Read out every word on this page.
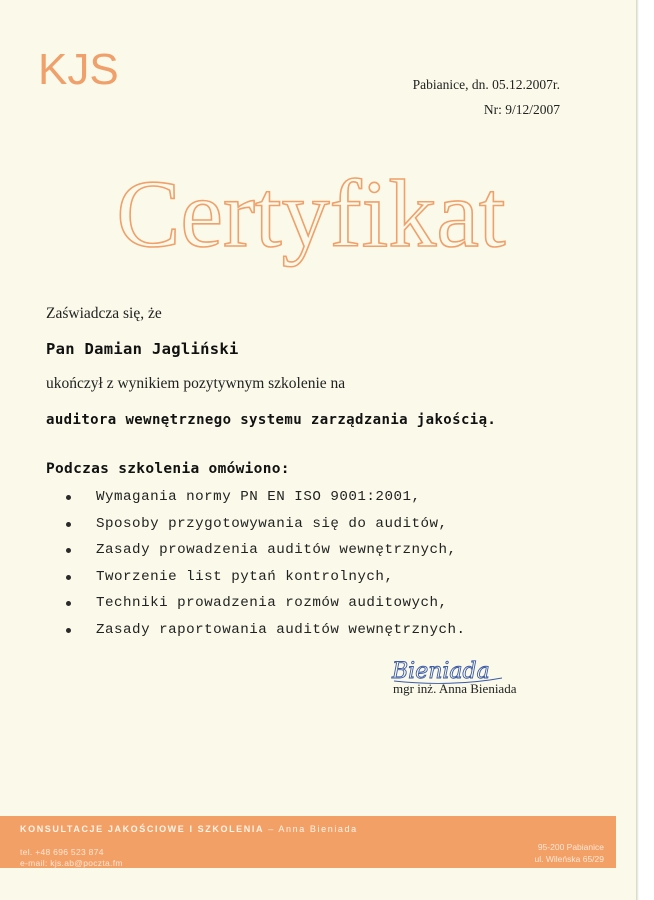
KJS	Pabianice, dn. 05.12.2007r.
Nr: 9/12/2007
Certyfikat
Zaświadcza się, że
Pan Damian Jagliński
ukończył z wynikiem pozytywnym szkolenie na
auditora wewnętrznego systemu zarządzania jakością.
Podczas szkolenia omówiono:
Wymagania normy PN EN ISO 9001:2001,
Sposoby przygotowywania się do auditów,
Zasady prowadzenia auditów wewnętrznych,
Tworzenie list pytań kontrolnych,
Techniki prowadzenia rozmów auditowych,
Zasady raportowania auditów wewnętrznych.
Bieniada
mgr inż. Anna Bieniada
KONSULTACJE JAKOŚCIOWE I SZKOLENIA – Anna Bieniada
tel. +48 696 523 874
e-mail: kjs.ab@poczta.fm
95-200 Pabianice
ul. Wileńska 65/29
